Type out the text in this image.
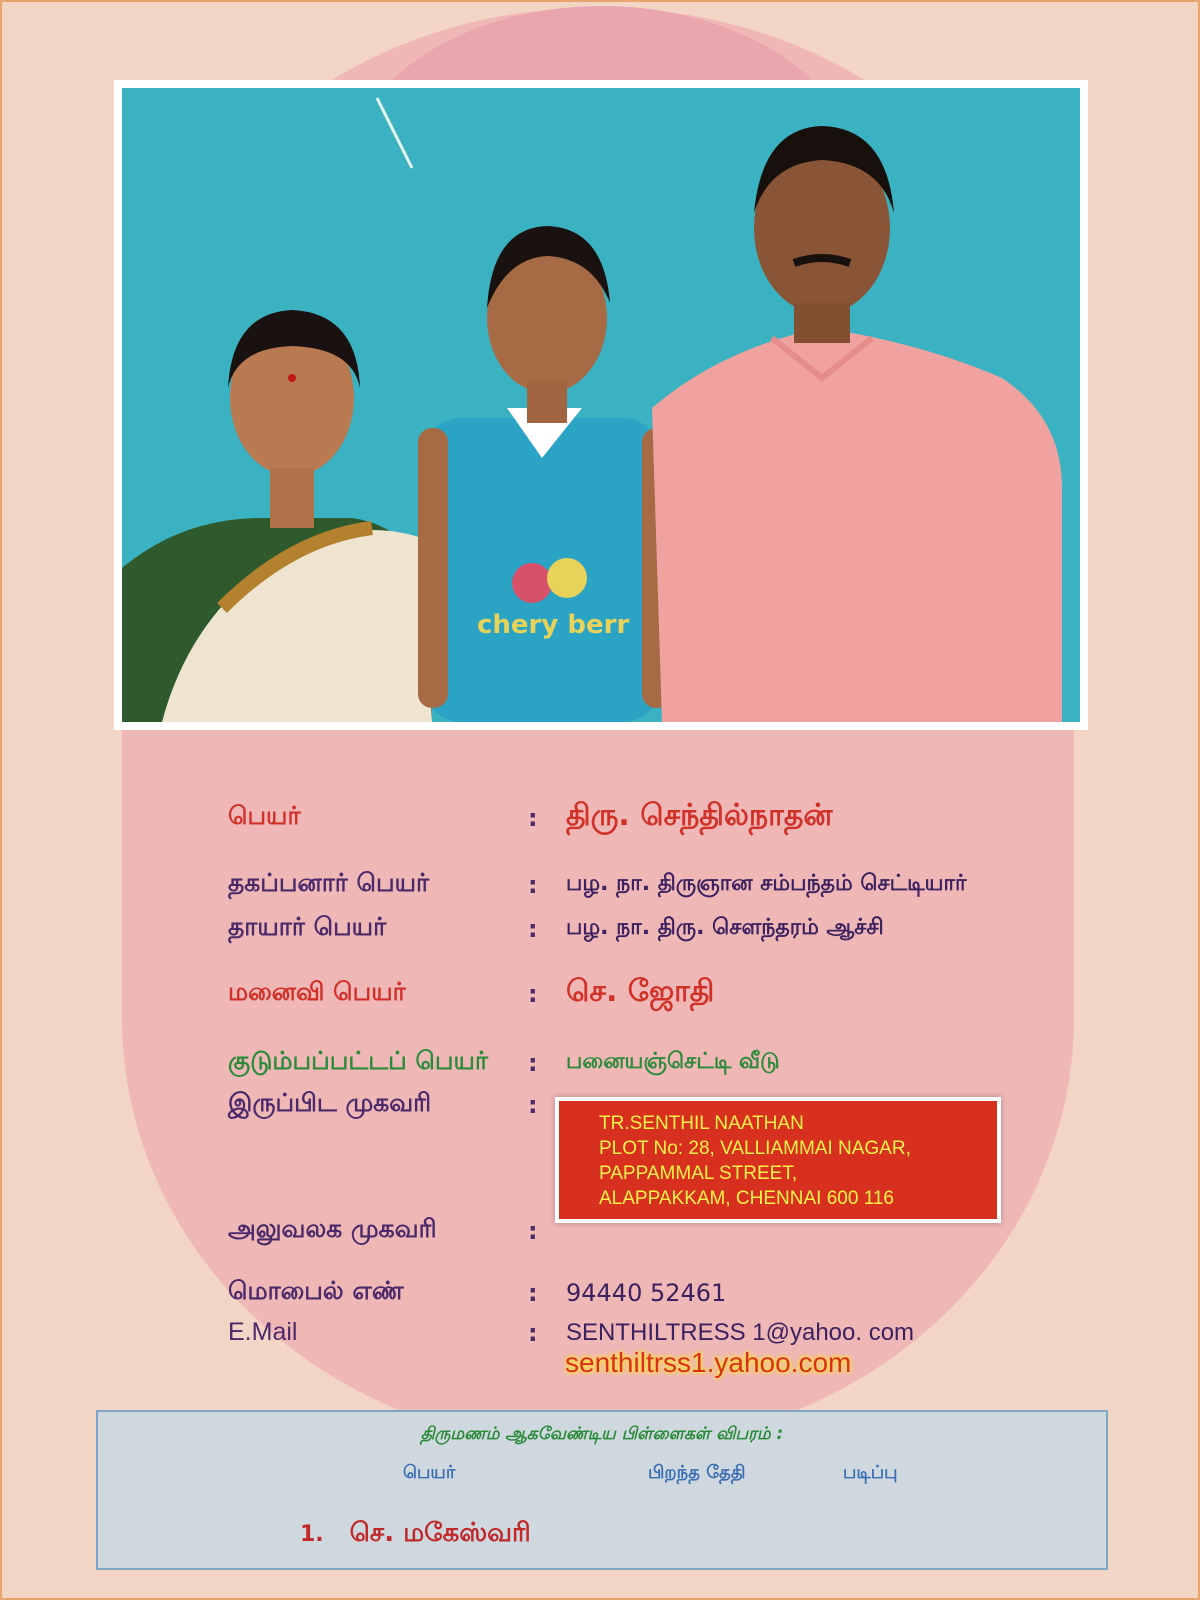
chery berr
பெயர்	: திரு. செந்தில்நாதன்
தகப்பனார் பெயர்	:	பழ. நா. திருஞான சம்பந்தம் செட்டியார்
தாயார் பெயர்	:	பழ. நா. திரு. செளந்தரம் ஆச்சி
மனைவி பெயர்	: செ. ஜோதி
குடும்பப்பட்டப் பெயர்	:	பனையஞ்செட்டி வீடு
இருப்பிட முகவரி	:
TR.SENTHIL NAATHAN
PLOT No: 28, VALLIAMMAI NAGAR,
PAPPAMMAL STREET,
ALAPPAKKAM, CHENNAI 600 116
அலுவலக முகவரி	:
மொபைல் எண்	:	94440 52461
E.Mail	:	SENTHILTRESS 1@yahoo. com
senthiltrss1.yahoo.com
திருமணம் ஆகவேண்டிய பிள்ளைகள் விபரம் :
பெயர்	பிறந்த தேதி	படிப்பு
1. செ. மகேஸ்வரி
